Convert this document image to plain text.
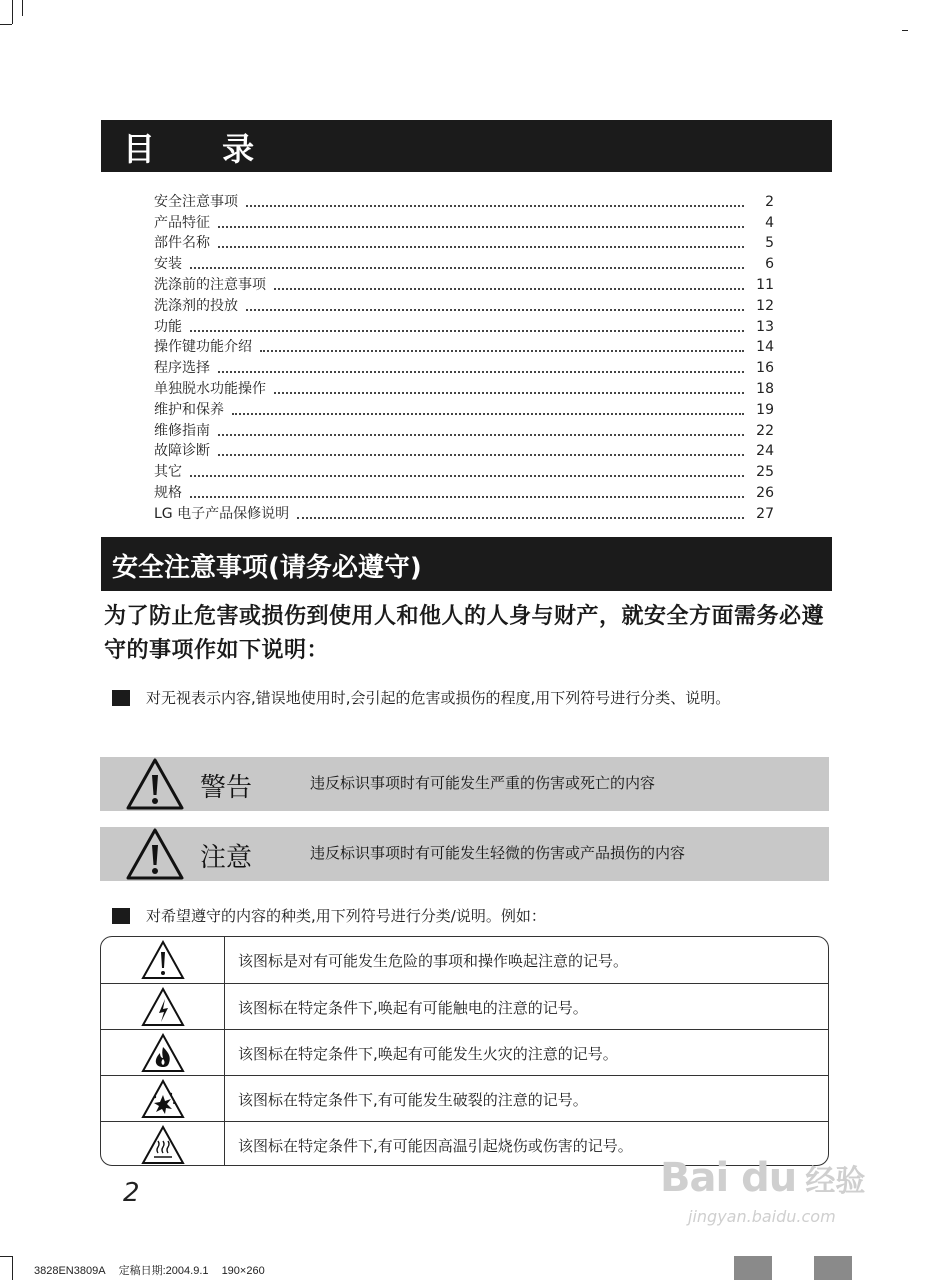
目 录
安全注意事项	2
产品特征	4
部件名称	5
安装	6
洗涤前的注意事项	11
洗涤剂的投放	12
功能	13
操作键功能介绍	14
程序选择	16
单独脱水功能操作	18
维护和保养	19
维修指南	22
故障诊断	24
其它	25
规格	26
LG 电子产品保修说明	27
安全注意事项(请务必遵守)
为了防止危害或损伤到使用人和他人的人身与财产，就安全方面需务必遵守的事项作如下说明：
对无视表示内容,错误地使用时,会引起的危害或损伤的程度,用下列符号进行分类、说明。
警告	违反标识事项时有可能发生严重的伤害或死亡的内容
注意	违反标识事项时有可能发生轻微的伤害或产品损伤的内容
对希望遵守的内容的种类,用下列符号进行分类/说明。例如：
该图标是对有可能发生危险的事项和操作唤起注意的记号。
该图标在特定条件下,唤起有可能触电的注意的记号。
该图标在特定条件下,唤起有可能发生火灾的注意的记号。
该图标在特定条件下,有可能发生破裂的注意的记号。
该图标在特定条件下,有可能因高温引起烧伤或伤害的记号。
2	Bai du 经验
jingyan.baidu.com
3828EN3809A 定稿日期:2004.9.1 190×260
